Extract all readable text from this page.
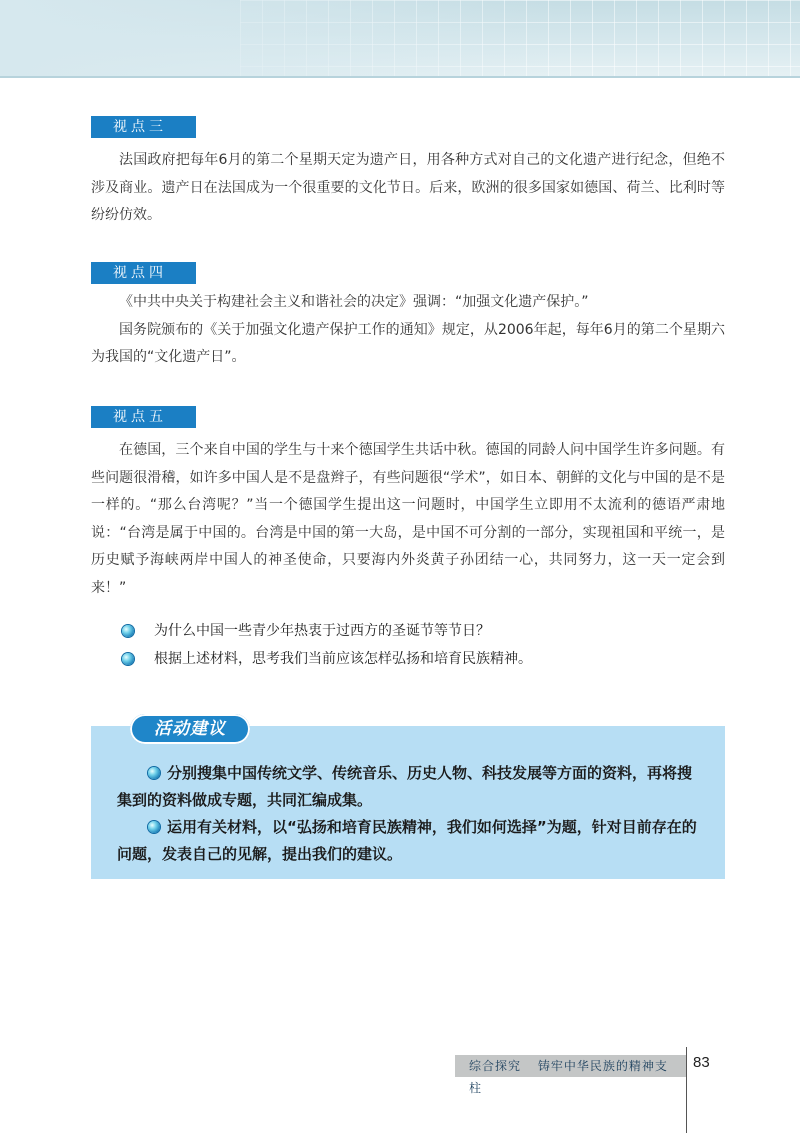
视点三

法国政府把每年6月的第二个星期天定为遗产日，用各种方式对自己的文化遗产进行纪念，但绝不涉及商业。遗产日在法国成为一个很重要的文化节日。后来，欧洲的很多国家如德国、荷兰、比利时等纷纷仿效。

视点四

《中共中央关于构建社会主义和谐社会的决定》强调：“加强文化遗产保护。”

国务院颁布的《关于加强文化遗产保护工作的通知》规定，从2006年起，每年6月的第二个星期六为我国的“文化遗产日”。

视点五

在德国，三个来自中国的学生与十来个德国学生共话中秋。德国的同龄人问中国学生许多问题。有些问题很滑稽，如许多中国人是不是盘辫子，有些问题很“学术”，如日本、朝鲜的文化与中国的是不是一样的。“那么台湾呢？”当一个德国学生提出这一问题时，中国学生立即用不太流利的德语严肃地说：“台湾是属于中国的。台湾是中国的第一大岛，是中国不可分割的一部分，实现祖国和平统一，是历史赋予海峡两岸中国人的神圣使命，只要海内外炎黄子孙团结一心，共同努力，这一天一定会到来！”

为什么中国一些青少年热衷于过西方的圣诞节等节日？
根据上述材料，思考我们当前应该怎样弘扬和培育民族精神。
活动建议

分别搜集中国传统文学、传统音乐、历史人物、科技发展等方面的资料，再将搜集到的资料做成专题，共同汇编成集。

运用有关材料，以“弘扬和培育民族精神，我们如何选择”为题，针对目前存在的问题，发表自己的见解，提出我们的建议。

综合探究 铸牢中华民族的精神支柱
83
